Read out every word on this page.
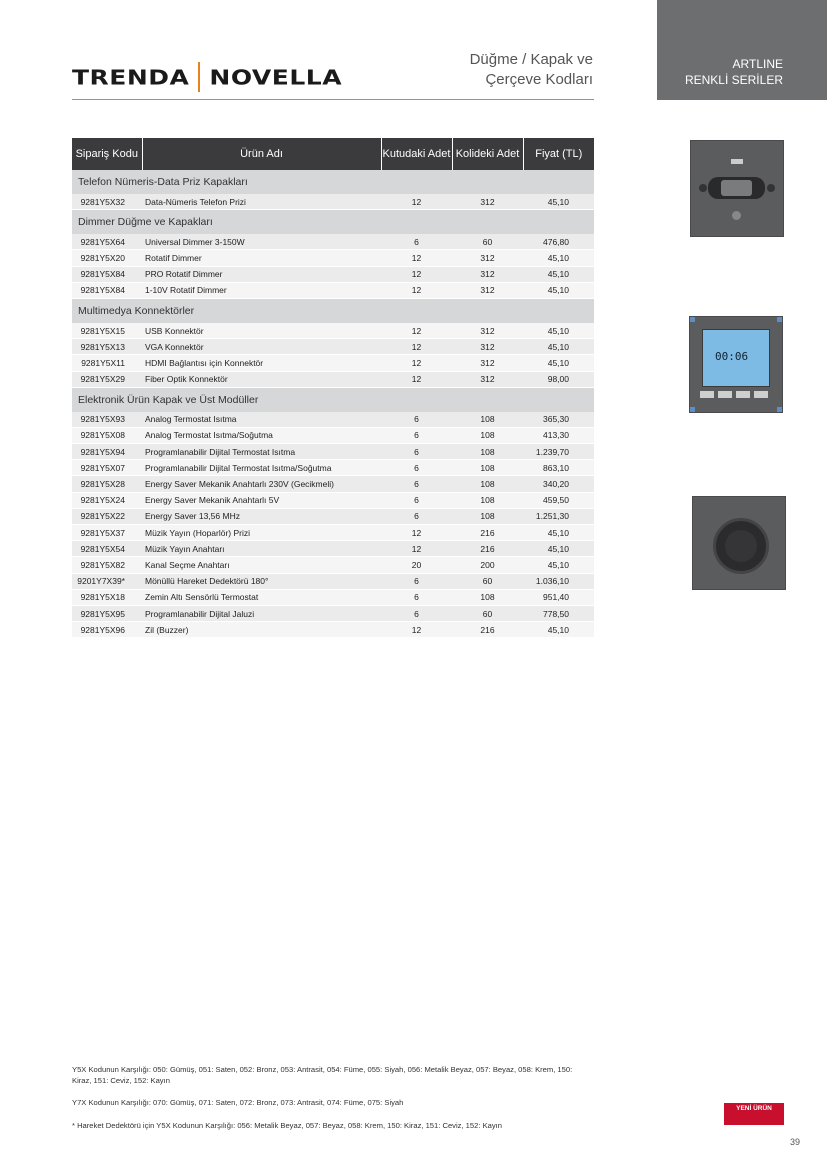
TRENDA NOVELLA
Düğme / Kapak ve
Çerçeve Kodları
ARTLINE
RENKLİ SERİLER
Sipariş Kodu	Ürün Adı	Kutudaki Adet	Kolideki Adet	Fiyat (TL)
Telefon Nümeris-Data Priz Kapakları				
9281Y5X32	Data-Nümeris Telefon Prizi	12	312	45,10
Dimmer Düğme ve Kapakları				
9281Y5X64	Universal Dimmer 3-150W	6	60	476,80
9281Y5X20	Rotatif Dimmer	12	312	45,10
9281Y5X84	PRO Rotatif Dimmer	12	312	45,10
9281Y5X84	1-10V Rotatif Dimmer	12	312	45,10
Multimedya Konnektörler				
9281Y5X15	USB Konnektör	12	312	45,10
9281Y5X13	VGA Konnektör	12	312	45,10
9281Y5X11	HDMI Bağlantısı için Konnektör	12	312	45,10
9281Y5X29	Fiber Optik Konnektör	12	312	98,00
Elektronik Ürün Kapak ve Üst Modüller				
9281Y5X93	Analog Termostat Isıtma	6	108	365,30
9281Y5X08	Analog Termostat Isıtma/Soğutma	6	108	413,30
9281Y5X94	Programlanabilir Dijital Termostat Isıtma	6	108	1.239,70
9281Y5X07	Programlanabilir Dijital Termostat Isıtma/Soğutma	6	108	863,10
9281Y5X28	Energy Saver Mekanik Anahtarlı 230V (Gecikmeli)	6	108	340,20
9281Y5X24	Energy Saver Mekanik Anahtarlı 5V	6	108	459,50
9281Y5X22	Energy Saver 13,56 MHz	6	108	1.251,30
9281Y5X37	Müzik Yayın (Hoparlör) Prizi	12	216	45,10
9281Y5X54	Müzik Yayın Anahtarı	12	216	45,10
9281Y5X82	Kanal Seçme Anahtarı	20	200	45,10
9201Y7X39*	Mönüllü Hareket Dedektörü 180°	6	60	1.036,10
9281Y5X18	Zemin Altı Sensörlü Termostat	6	108	951,40
9281Y5X95	Programlanabilir Dijital Jaluzi	6	60	778,50
9281Y5X96	Zil (Buzzer)	12	216	45,10
00:06
Y5X Kodunun Karşılığı: 050: Gümüş, 051: Saten, 052: Bronz, 053: Antrasit, 054: Füme, 055: Siyah, 056: Metalik Beyaz, 057: Beyaz, 058: Krem, 150: Kiraz, 151: Ceviz, 152: Kayın
Y7X Kodunun Karşılığı: 070: Gümüş, 071: Saten, 072: Bronz, 073: Antrasit, 074: Füme, 075: Siyah
* Hareket Dedektörü için Y5X Kodunun Karşılığı: 056: Metalik Beyaz, 057: Beyaz, 058: Krem, 150: Kiraz, 151: Ceviz, 152: Kayın
YENİ ÜRÜN
39
